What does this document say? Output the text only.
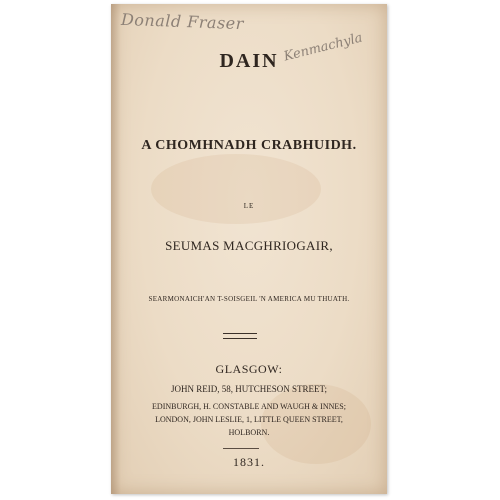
Donald Fraser
Kenmachyla
DAIN
A CHOMHNADH CRABHUIDH.
LE
SEUMAS MACGHRIOGAIR,
SEARMONAICH'AN T-SOISGEIL 'N AMERICA MU THUATH.
GLASGOW:
JOHN REID, 58, HUTCHESON STREET;
EDINBURGH, H. CONSTABLE AND WAUGH & INNES;
LONDON, JOHN LESLIE, 1, LITTLE QUEEN STREET,
HOLBORN.
1831.
